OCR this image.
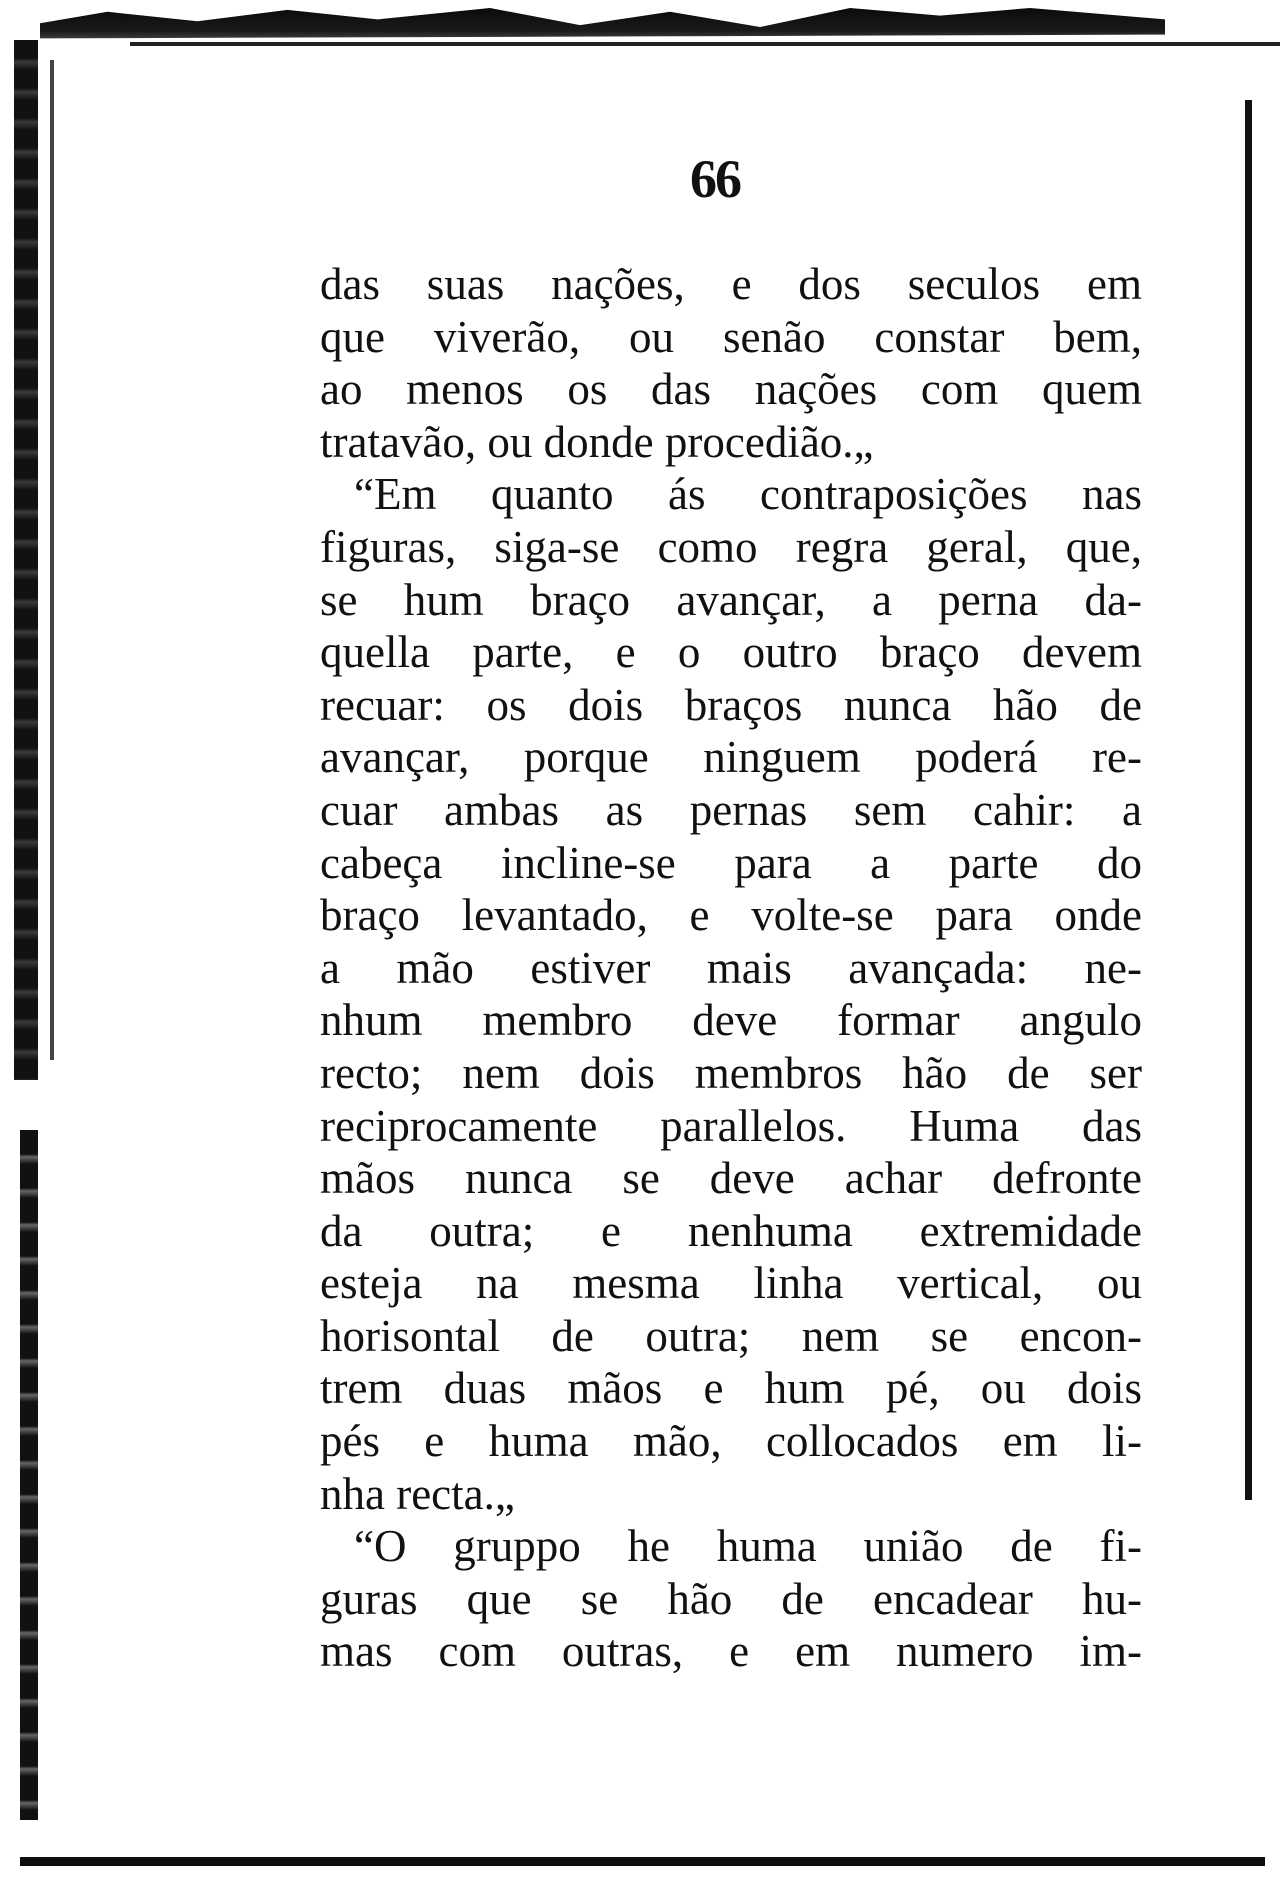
66
das suas nações, e dos seculos em
que viverão, ou senão constar bem,
ao menos os das nações com quem
tratavão, ou donde procedião.„
“Em quanto ás contraposições nas
figuras, siga-se como regra geral, que,
se hum braço avançar, a perna da-
quella parte, e o outro braço devem
recuar: os dois braços nunca hão de
avançar, porque ninguem poderá re-
cuar ambas as pernas sem cahir: a
cabeça incline-se para a parte do
braço levantado, e volte-se para onde
a mão estiver mais avançada: ne-
nhum membro deve formar angulo
recto; nem dois membros hão de ser
reciprocamente parallelos. Huma das
mãos nunca se deve achar defronte
da outra; e nenhuma extremidade
esteja na mesma linha vertical, ou
horisontal de outra; nem se encon-
trem duas mãos e hum pé, ou dois
pés e huma mão, collocados em li-
nha recta.„
“O gruppo he huma união de fi-
guras que se hão de encadear hu-
mas com outras, e em numero im-
